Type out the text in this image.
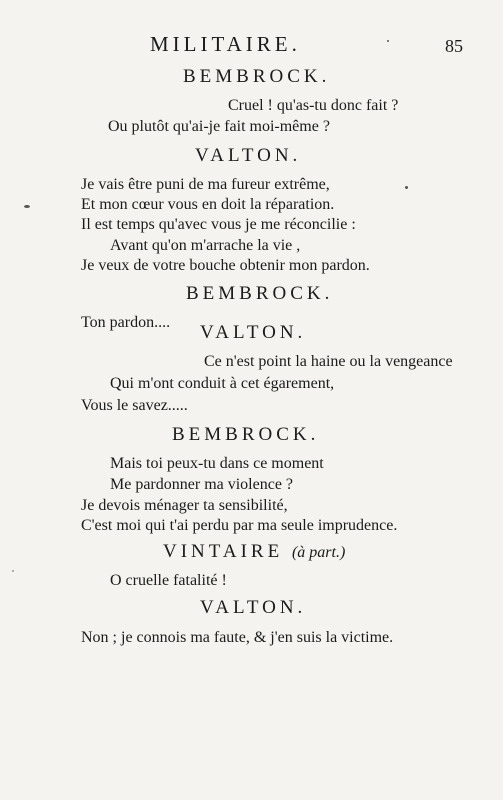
MILITAIRE.	85
BEMBROCK.
Cruel ! qu'as-tu donc fait ?
Ou plutôt qu'ai-je fait moi-même ?
VALTON.
Je vais être puni de ma fureur extrême,
Et mon cœur vous en doit la réparation.
Il est temps qu'avec vous je me réconcilie :
Avant qu'on m'arrache la vie ,
Je veux de votre bouche obtenir mon pardon.
BEMBROCK.
Ton pardon.... VALTON.
Ce n'est point la haine ou la vengeance
Qui m'ont conduit à cet égarement,
Vous le savez.....
BEMBROCK.
Mais toi peux-tu dans ce moment
Me pardonner ma violence ?
Je devois ménager ta sensibilité,
C'est moi qui t'ai perdu par ma seule imprudence.
VINTAIRE (à part.)
O cruelle fatalité !
VALTON.
Non ; je connois ma faute, & j'en suis la victime.
